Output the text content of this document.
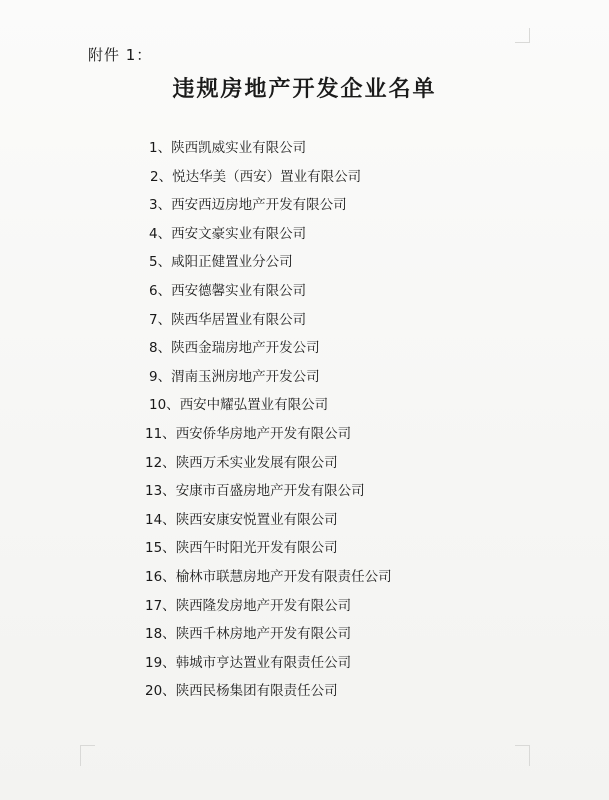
附件 1：
违规房地产开发企业名单
1、 陕西凯威实业有限公司
2、 悦达华美（西安）置业有限公司
3、 西安西迈房地产开发有限公司
4、 西安文豪实业有限公司
5、 咸阳正健置业分公司
6、 西安德馨实业有限公司
7、 陕西华居置业有限公司
8、 陕西金瑞房地产开发公司
9、 渭南玉洲房地产开发公司
10、 西安中耀弘置业有限公司
11、 西安侨华房地产开发有限公司
12、 陕西万禾实业发展有限公司
13、 安康市百盛房地产开发有限公司
14、 陕西安康安悦置业有限公司
15、 陕西午时阳光开发有限公司
16、 榆林市联慧房地产开发有限责任公司
17、 陕西隆发房地产开发有限公司
18、 陕西千林房地产开发有限公司
19、 韩城市亨达置业有限责任公司
20、 陕西民杨集团有限责任公司
